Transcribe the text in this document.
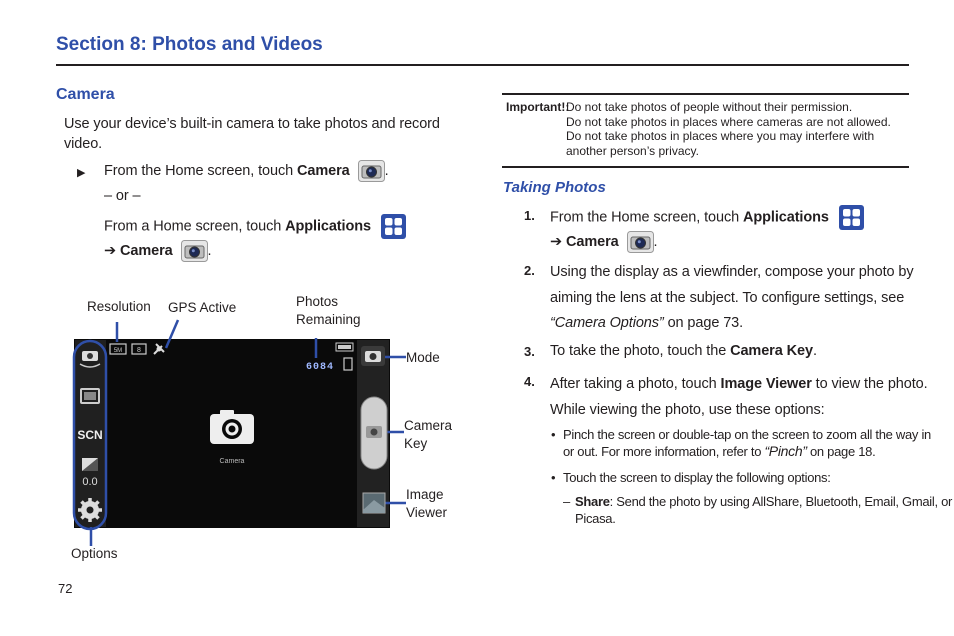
Section 8: Photos and Videos
Camera
Use your device’s built-in camera to take photos and record
video.
▶ From the Home screen, touch Camera .
– or –
From a Home screen, touch Applications
➔ Camera .
Resolution GPS Active	Photos
Remaining
Mode
Camera
Key
Image
Viewer
Options
SCN
0.0
5M 8
6084
Camera
Important!:
Do not take photos of people without their permission.
Do not take photos in places where cameras are not allowed.
Do not take photos in places where you may interfere with
another person’s privacy.
Taking Photos
1. From the Home screen, touch Applications
➔ Camera .
2. Using the display as a viewfinder, compose your photo by
aiming the lens at the subject. To configure settings, see
“Camera Options” on page 73.
3. To take the photo, touch the Camera Key.
4. After taking a photo, touch Image Viewer to view the photo.
While viewing the photo, use these options:
• Pinch the screen or double-tap on the screen to zoom all the way in
or out. For more information, refer to “Pinch” on page 18.
• Touch the screen to display the following options:
– Share: Send the photo by using AllShare, Bluetooth, Email, Gmail, or
Picasa.
72
